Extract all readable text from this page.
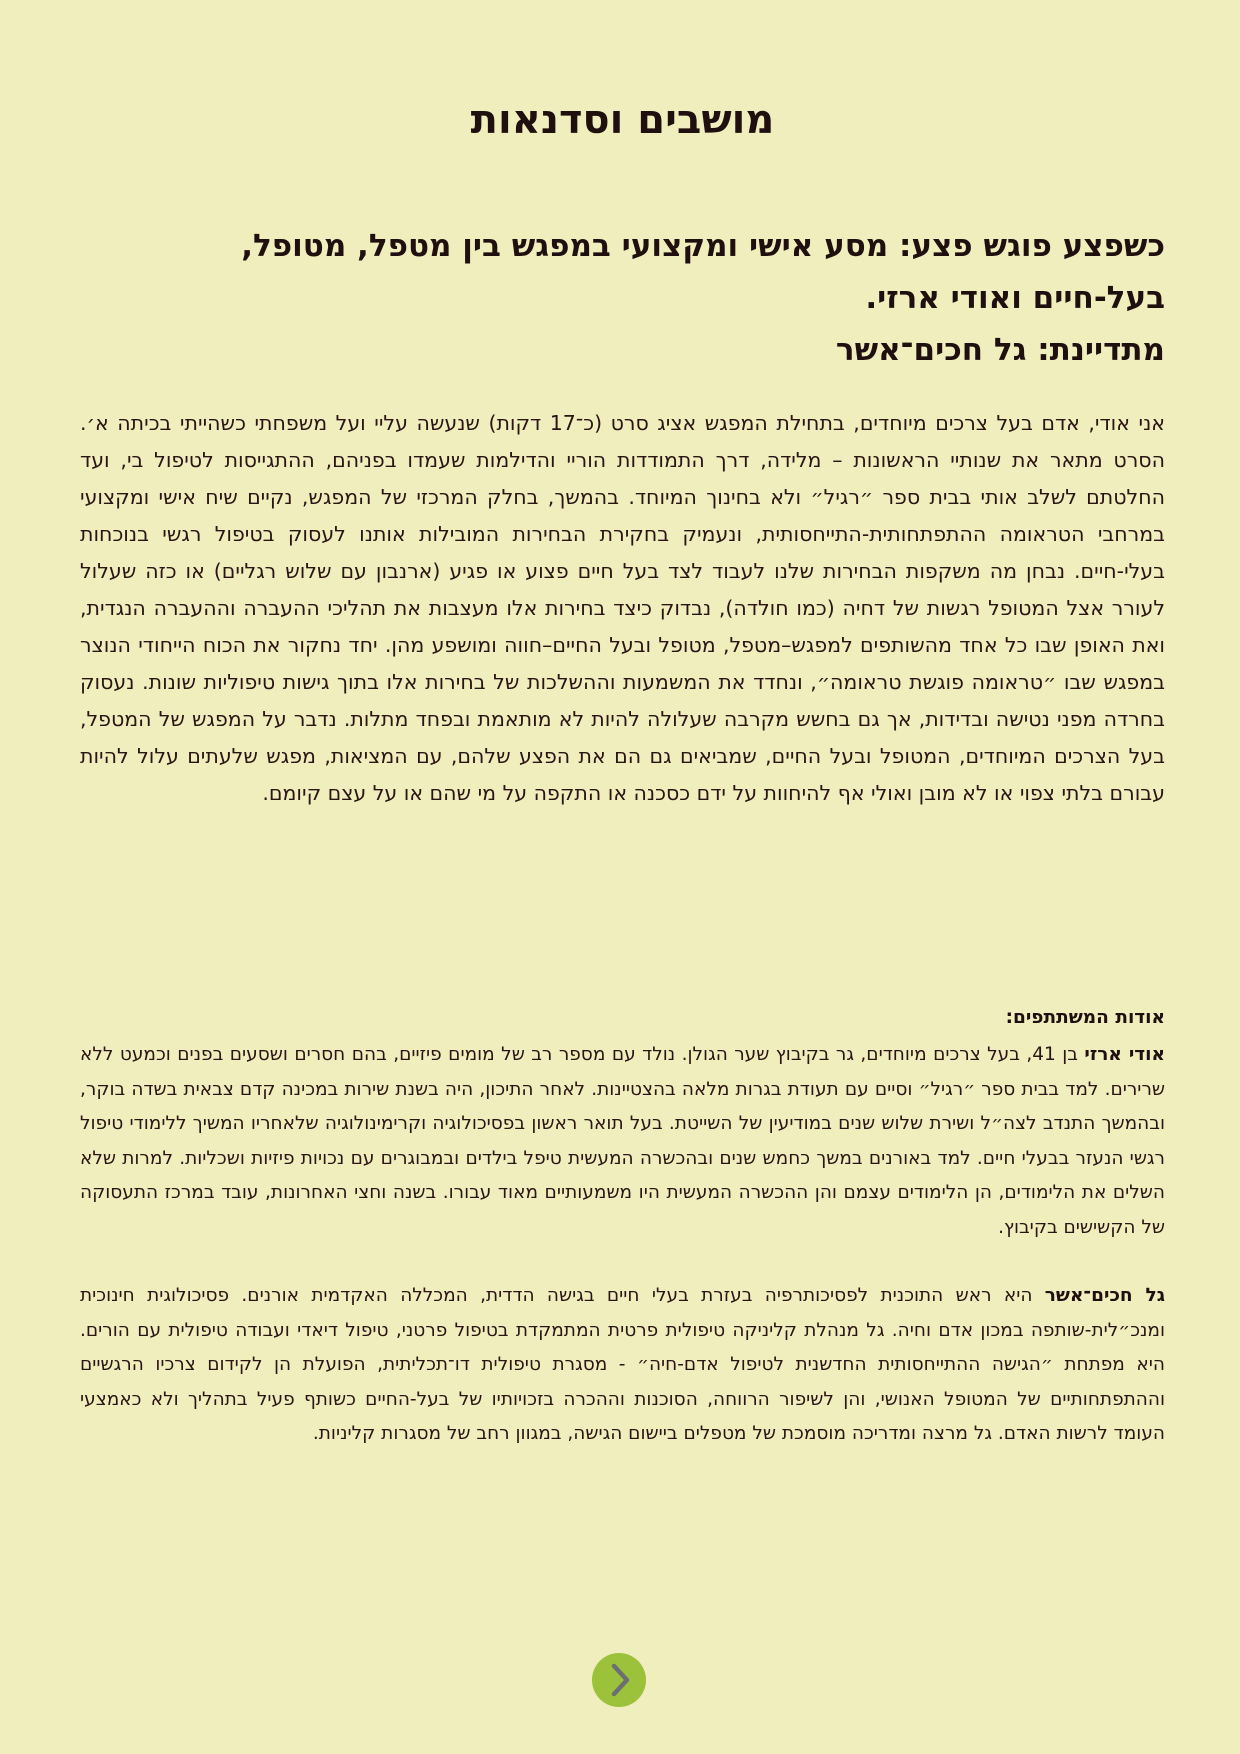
מושבים וסדנאות
כשפצע פוגש פצע: מסע אישי ומקצועי במפגש בין מטפל, מטופל,
בעל-חיים ואודי ארזי.
מתדיינת: גל חכים־אשר

אני אודי, אדם בעל צרכים מיוחדים, בתחילת המפגש אציג סרט (כ־17 דקות) שנעשה עליי ועל משפחתי כשהייתי בכיתה א׳. הסרט מתאר את שנותיי הראשונות – מלידה, דרך התמודדות הוריי והדילמות שעמדו בפניהם, ההתגייסות לטיפול בי, ועד החלטתם לשלב אותי בבית ספר ״רגיל״ ולא בחינוך המיוחד. בהמשך, בחלק המרכזי של המפגש, נקיים שיח אישי ומקצועי במרחבי הטראומה ההתפתחותית-התייחסותית, ונעמיק בחקירת הבחירות המובילות אותנו לעסוק בטיפול רגשי בנוכחות בעלי-חיים. נבחן מה משקפות הבחירות שלנו לעבוד לצד בעל חיים פצוע או פגיע (ארנבון עם שלוש רגליים) או כזה שעלול לעורר אצל המטופל רגשות של דחיה (כמו חולדה), נבדוק כיצד בחירות אלו מעצבות את תהליכי ההעברה וההעברה הנגדית, ואת האופן שבו כל אחד מהשותפים למפגש–מטפל, מטופל ובעל החיים–חווה ומושפע מהן. יחד נחקור את הכוח הייחודי הנוצר במפגש שבו ״טראומה פוגשת טראומה״, ונחדד את המשמעות וההשלכות של בחירות אלו בתוך גישות טיפוליות שונות. נעסוק בחרדה מפני נטישה ובדידות, אך גם בחשש מקרבה שעלולה להיות לא מותאמת ובפחד מתלות. נדבר על המפגש של המטפל, בעל הצרכים המיוחדים, המטופל ובעל החיים, שמביאים גם הם את הפצע שלהם, עם המציאות, מפגש שלעתים עלול להיות עבורם בלתי צפוי או לא מובן ואולי אף להיחוות על ידם כסכנה או התקפה על מי שהם או על עצם קיומם.

אודות המשתתפים:

אודי ארזי בן 41, בעל צרכים מיוחדים, גר בקיבוץ שער הגולן. נולד עם מספר רב של מומים פיזיים, בהם חסרים ושסעים בפנים וכמעט ללא שרירים. למד בבית ספר ״רגיל״ וסיים עם תעודת בגרות מלאה בהצטיינות. לאחר התיכון, היה בשנת שירות במכינה קדם צבאית בשדה בוקר, ובהמשך התנדב לצה״ל ושירת שלוש שנים במודיעין של השייטת. בעל תואר ראשון בפסיכולוגיה וקרימינולוגיה שלאחריו המשיך ללימודי טיפול רגשי הנעזר בבעלי חיים. למד באורנים במשך כחמש שנים ובהכשרה המעשית טיפל בילדים ובמבוגרים עם נכויות פיזיות ושכליות. למרות שלא השלים את הלימודים, הן הלימודים עצמם והן ההכשרה המעשית היו משמעותיים מאוד עבורו. בשנה וחצי האחרונות, עובד במרכז התעסוקה של הקשישים בקיבוץ.

גל חכים־אשר היא ראש התוכנית לפסיכותרפיה בעזרת בעלי חיים בגישה הדדית, המכללה האקדמית אורנים. פסיכולוגית חינוכית ומנכ״לית-שותפה במכון אדם וחיה. גל מנהלת קליניקה טיפולית פרטית המתמקדת בטיפול פרטני, טיפול דיאדי ועבודה טיפולית עם הורים. היא מפתחת ״הגישה ההתייחסותית החדשנית לטיפול אדם-חיה״ - מסגרת טיפולית דו־תכליתית, הפועלת הן לקידום צרכיו הרגשיים וההתפתחותיים של המטופל האנושי, והן לשיפור הרווחה, הסוכנות וההכרה בזכויותיו של בעל-החיים כשותף פעיל בתהליך ולא כאמצעי העומד לרשות האדם. גל מרצה ומדריכה מוסמכת של מטפלים ביישום הגישה, במגוון רחב של מסגרות קליניות.
